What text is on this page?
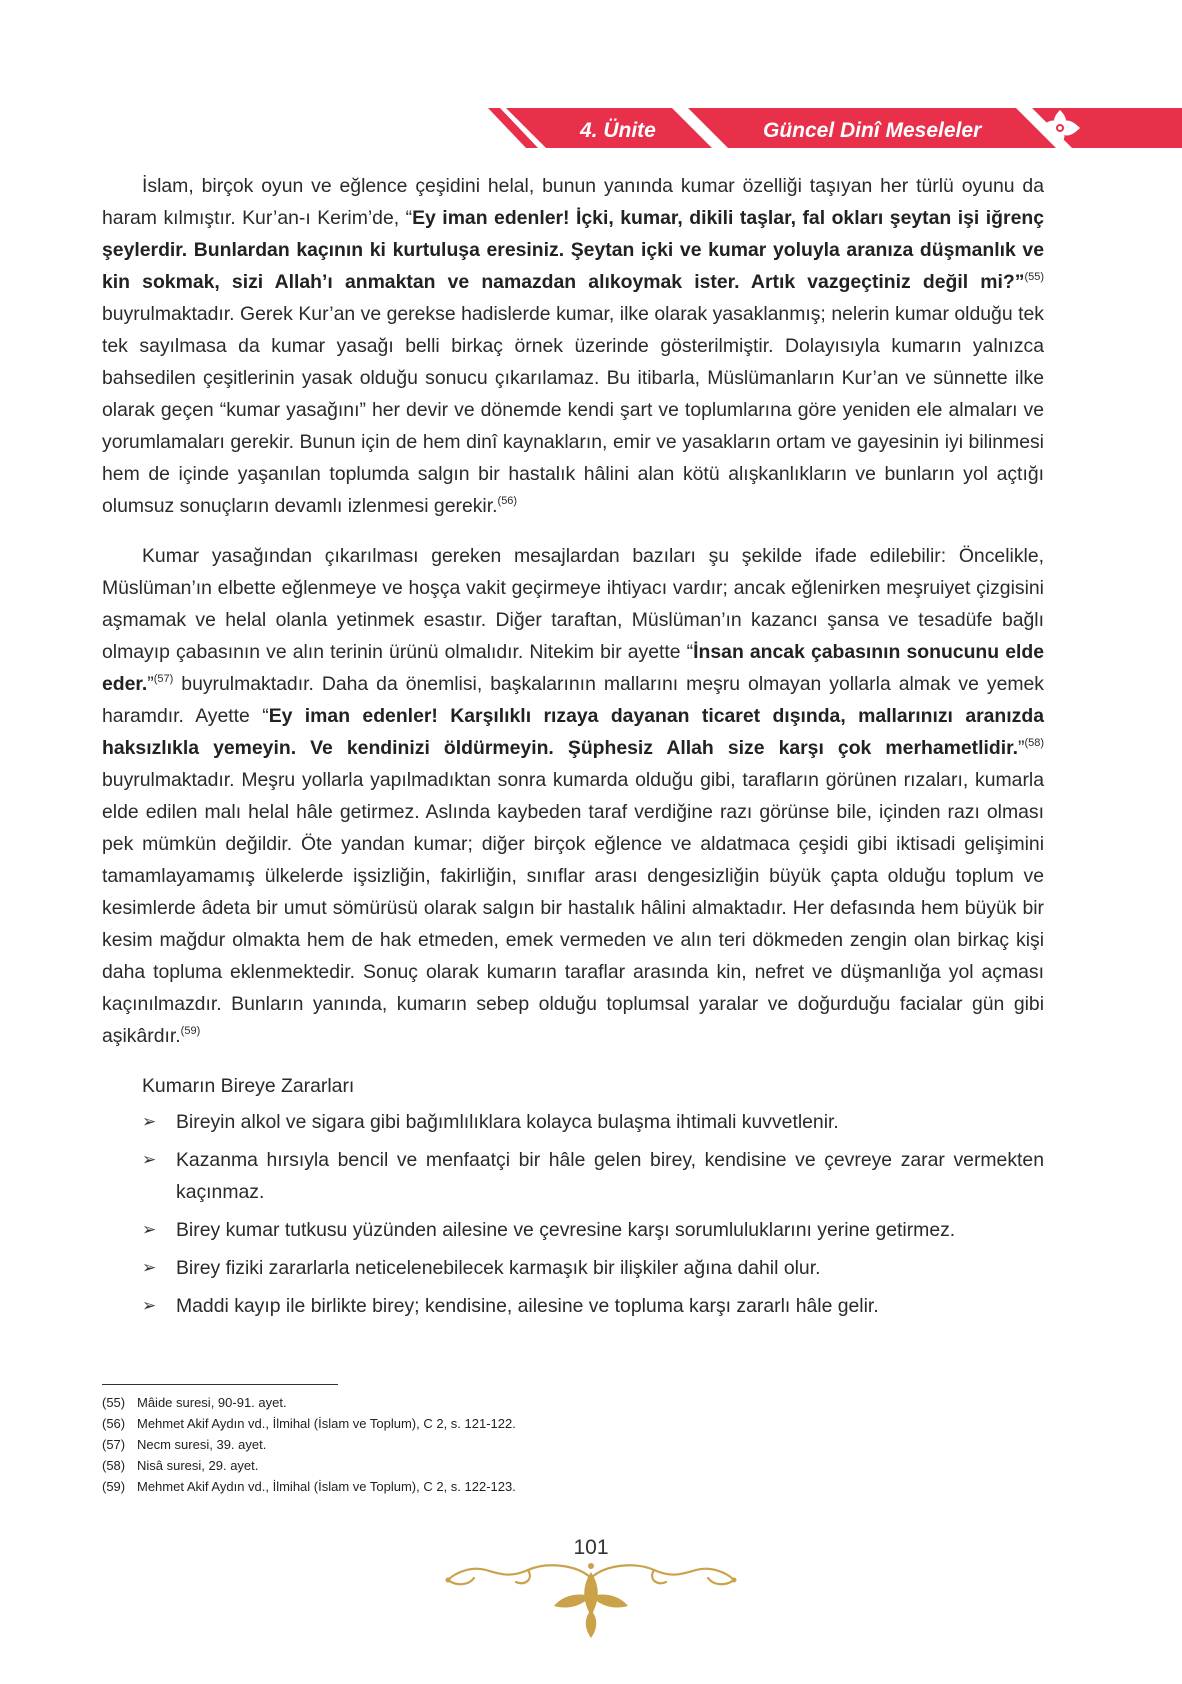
4. Ünite	Güncel Dinî Meseleler

İslam, birçok oyun ve eğlence çeşidini helal, bunun yanında kumar özelliği taşıyan her türlü oyunu da haram kılmıştır. Kur’an-ı Kerim’de, “Ey iman edenler! İçki, kumar, dikili taşlar, fal okları şeytan işi iğrenç şeylerdir. Bunlardan kaçının ki kurtuluşa eresiniz. Şeytan içki ve kumar yoluyla aranıza düşmanlık ve kin sokmak, sizi Allah’ı anmaktan ve namazdan alıkoymak ister. Artık vazgeçtiniz değil mi?”$^{(55)}$ buyrulmaktadır. Gerek Kur’an ve gerekse hadislerde kumar, ilke olarak yasaklanmış; nelerin kumar olduğu tek tek sayılmasa da kumar yasağı belli birkaç örnek üzerinde gösterilmiştir. Dolayısıyla kumarın yalnızca bahsedilen çeşitlerinin yasak olduğu sonucu çıkarılamaz. Bu itibarla, Müslümanların Kur’an ve sünnette ilke olarak geçen “kumar yasağını” her devir ve dönemde kendi şart ve toplumlarına göre yeniden ele almaları ve yorumlamaları gerekir. Bunun için de hem dinî kaynakların, emir ve yasakların ortam ve gayesinin iyi bilinmesi hem de içinde yaşanılan toplumda salgın bir hastalık hâlini alan kötü alışkanlıkların ve bunların yol açtığı olumsuz sonuçların devamlı izlenmesi gerekir.$^{(56)}$

Kumar yasağından çıkarılması gereken mesajlardan bazıları şu şekilde ifade edilebilir: Öncelikle, Müslüman’ın elbette eğlenmeye ve hoşça vakit geçirmeye ihtiyacı vardır; ancak eğlenirken meşruiyet çizgisini aşmamak ve helal olanla yetinmek esastır. Diğer taraftan, Müslüman’ın kazancı şansa ve tesadüfe bağlı olmayıp çabasının ve alın terinin ürünü olmalıdır. Nitekim bir ayette “İnsan ancak çabasının sonucunu elde eder.”$^{(57)}$ buyrulmaktadır. Daha da önemlisi, başkalarının mallarını meşru olmayan yollarla almak ve yemek haramdır. Ayette “Ey iman edenler! Karşılıklı rızaya dayanan ticaret dışında, mallarınızı aranızda haksızlıkla yemeyin. Ve kendinizi öldürmeyin. Şüphesiz Allah size karşı çok merhametlidir.”$^{(58)}$ buyrulmaktadır. Meşru yollarla yapılmadıktan sonra kumarda olduğu gibi, tarafların görünen rızaları, kumarla elde edilen malı helal hâle getirmez. Aslında kaybeden taraf verdiğine razı görünse bile, içinden razı olması pek mümkün değildir. Öte yandan kumar; diğer birçok eğlence ve aldatmaca çeşidi gibi iktisadi gelişimini tamamlayamamış ülkelerde işsizliğin, fakirliğin, sınıflar arası dengesizliğin büyük çapta olduğu toplum ve kesimlerde âdeta bir umut sömürüsü olarak salgın bir hastalık hâlini almaktadır. Her defasında hem büyük bir kesim mağdur olmakta hem de hak etmeden, emek vermeden ve alın teri dökmeden zengin olan birkaç kişi daha topluma eklenmektedir. Sonuç olarak kumarın taraflar arasında kin, nefret ve düşmanlığa yol açması kaçınılmazdır. Bunların yanında, kumarın sebep olduğu toplumsal yaralar ve doğurduğu facialar gün gibi aşikârdır.$^{(59)}$

Kumarın Bireye Zararları
➢ Bireyin alkol ve sigara gibi bağımlılıklara kolayca bulaşma ihtimali kuvvetlenir.
➢ Kazanma hırsıyla bencil ve menfaatçi bir hâle gelen birey, kendisine ve çevreye zarar vermekten kaçınmaz.
➢ Birey kumar tutkusu yüzünden ailesine ve çevresine karşı sorumluluklarını yerine getirmez.
➢ Birey fiziki zararlarla neticelenebilecek karmaşık bir ilişkiler ağına dahil olur.
➢ Maddi kayıp ile birlikte birey; kendisine, ailesine ve topluma karşı zararlı hâle gelir.
(55) Mâide suresi, 90-91. ayet.
(56) Mehmet Akif Aydın vd., İlmihal (İslam ve Toplum), C 2, s. 121-122.
(57) Necm suresi, 39. ayet.
(58) Nisâ suresi, 29. ayet.
(59) Mehmet Akif Aydın vd., İlmihal (İslam ve Toplum), C 2, s. 122-123.
101
